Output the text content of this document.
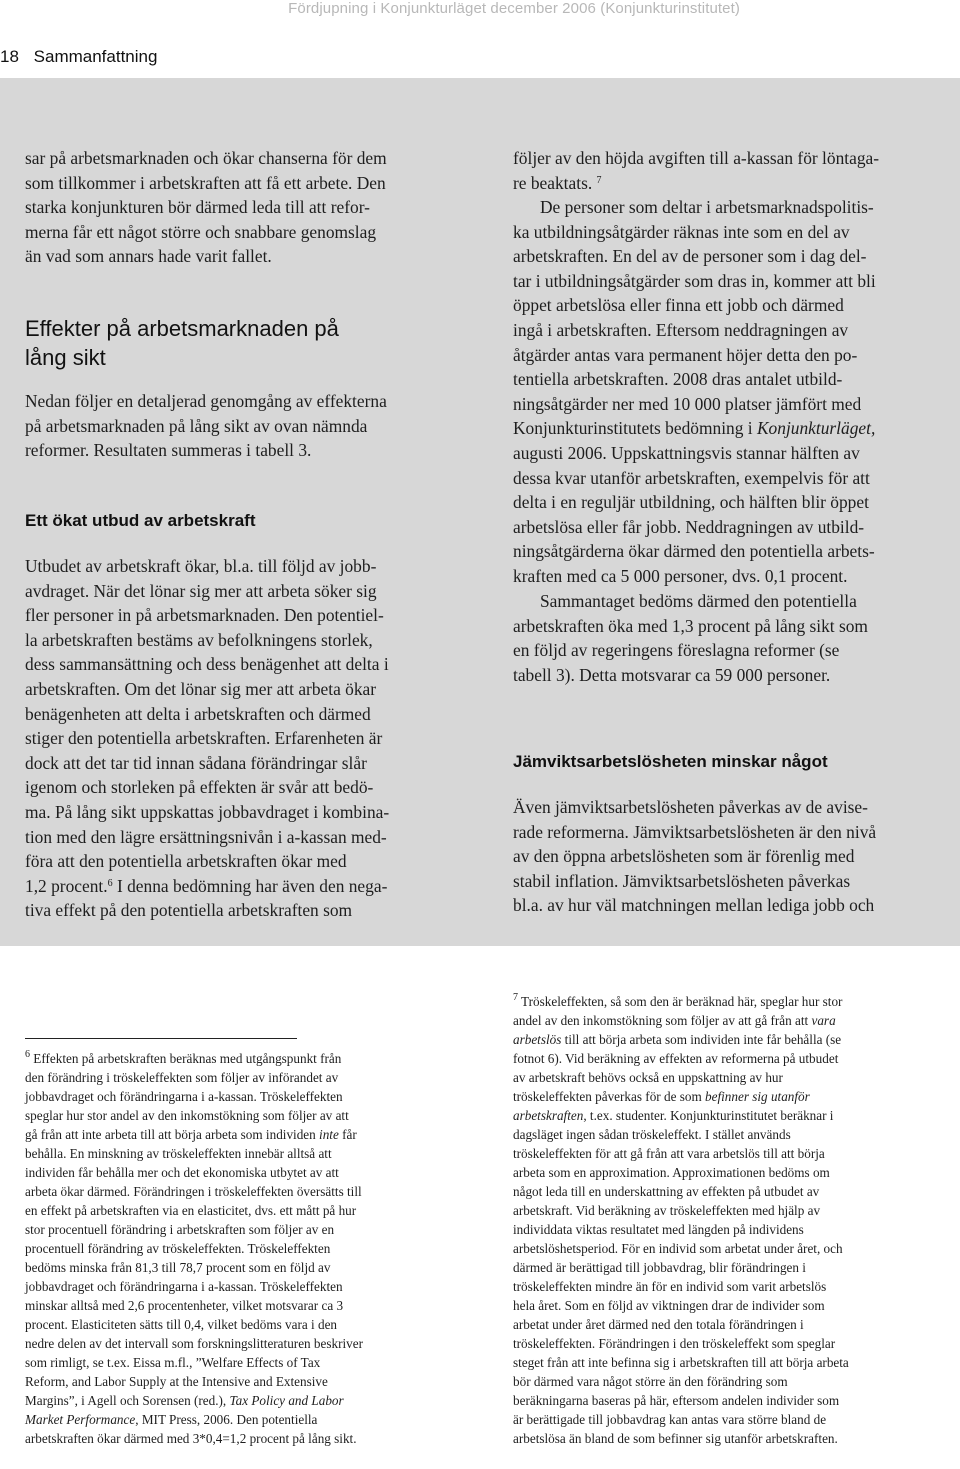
Fördjupning i Konjunkturläget december 2006 (Konjunkturinstitutet)
18 Sammanfattning

sar på arbetsmarknaden och ökar chanserna för dem
som tillkommer i arbetskraften att få ett arbete. Den
starka konjunkturen bör därmed leda till att refor-
merna får ett något större och snabbare genomslag
än vad som annars hade varit fallet.

Effekter på arbetsmarknaden på
lång sikt

Nedan följer en detaljerad genomgång av effekterna
på arbetsmarknaden på lång sikt av ovan nämnda
reformer. Resultaten summeras i tabell 3.

Ett ökat utbud av arbetskraft

Utbudet av arbetskraft ökar, bl.a. till följd av jobb-
avdraget. När det lönar sig mer att arbeta söker sig
fler personer in på arbetsmarknaden. Den potentiel-
la arbetskraften bestäms av befolkningens storlek,
dess sammansättning och dess benägenhet att delta i
arbetskraften. Om det lönar sig mer att arbeta ökar
benägenheten att delta i arbetskraften och därmed
stiger den potentiella arbetskraften. Erfarenheten är
dock att det tar tid innan sådana förändringar slår
igenom och storleken på effekten är svår att bedö-
ma. På lång sikt uppskattas jobbavdraget i kombina-
tion med den lägre ersättningsnivån i a-kassan med-
föra att den potentiella arbetskraften ökar med
1,2 procent.$^6$ I denna bedömning har även den nega-
tiva effekt på den potentiella arbetskraften som

följer av den höjda avgiften till a-kassan för löntaga-
re beaktats. $^7$

De personer som deltar i arbetsmarknadspolitis-
ka utbildningsåtgärder räknas inte som en del av
arbetskraften. En del av de personer som i dag del-
tar i utbildningsåtgärder som dras in, kommer att bli
öppet arbetslösa eller finna ett jobb och därmed
ingå i arbetskraften. Eftersom neddragningen av
åtgärder antas vara permanent höjer detta den po-
tentiella arbetskraften. 2008 dras antalet utbild-
ningsåtgärder ner med 10 000 platser jämfört med
Konjunkturinstitutets bedömning i Konjunkturläget,
augusti 2006. Uppskattningsvis stannar hälften av
dessa kvar utanför arbetskraften, exempelvis för att
delta i en reguljär utbildning, och hälften blir öppet
arbetslösa eller får jobb. Neddragningen av utbild-
ningsåtgärderna ökar därmed den potentiella arbets-
kraften med ca 5 000 personer, dvs. 0,1 procent.

Sammantaget bedöms därmed den potentiella
arbetskraften öka med 1,3 procent på lång sikt som
en följd av regeringens föreslagna reformer (se
tabell 3). Detta motsvarar ca 59 000 personer.

Jämviktsarbetslösheten minskar något

Även jämviktsarbetslösheten påverkas av de avise-
rade reformerna. Jämviktsarbetslösheten är den nivå
av den öppna arbetslösheten som är förenlig med
stabil inflation. Jämviktsarbetslösheten påverkas
bl.a. av hur väl matchningen mellan lediga jobb och

$^6$ Effekten på arbetskraften beräknas med utgångspunkt från
den förändring i tröskeleffekten som följer av införandet av
jobbavdraget och förändringarna i a-kassan. Tröskeleffekten
speglar hur stor andel av den inkomstökning som följer av att
gå från att inte arbeta till att börja arbeta som individen inte får
behålla. En minskning av tröskeleffekten innebär alltså att
individen får behålla mer och det ekonomiska utbytet av att
arbeta ökar därmed. Förändringen i tröskeleffekten översätts till
en effekt på arbetskraften via en elasticitet, dvs. ett mått på hur
stor procentuell förändring i arbetskraften som följer av en
procentuell förändring av tröskeleffekten. Tröskeleffekten
bedöms minska från 81,3 till 78,7 procent som en följd av
jobbavdraget och förändringarna i a-kassan. Tröskeleffekten
minskar alltså med 2,6 procentenheter, vilket motsvarar ca 3
procent. Elasticiteten sätts till 0,4, vilket bedöms vara i den
nedre delen av det intervall som forskningslitteraturen beskriver
som rimligt, se t.ex. Eissa m.fl., ”Welfare Effects of Tax
Reform, and Labor Supply at the Intensive and Extensive
Margins”, i Agell och Sorensen (red.), Tax Policy and Labor
Market Performance, MIT Press, 2006. Den potentiella
arbetskraften ökar därmed med 3*0,4=1,2 procent på lång sikt.
$^7$ Tröskeleffekten, så som den är beräknad här, speglar hur stor
andel av den inkomstökning som följer av att gå från att vara
arbetslös till att börja arbeta som individen inte får behålla (se
fotnot 6). Vid beräkning av effekten av reformerna på utbudet
av arbetskraft behövs också en uppskattning av hur
tröskeleffekten påverkas för de som befinner sig utanför
arbetskraften, t.ex. studenter. Konjunkturinstitutet beräknar i
dagsläget ingen sådan tröskeleffekt. I stället används
tröskeleffekten för att gå från att vara arbetslös till att börja
arbeta som en approximation. Approximationen bedöms om
något leda till en underskattning av effekten på utbudet av
arbetskraft. Vid beräkning av tröskeleffekten med hjälp av
individdata viktas resultatet med längden på individens
arbetslöshetsperiod. För en individ som arbetat under året, och
därmed är berättigad till jobbavdrag, blir förändringen i
tröskeleffekten mindre än för en individ som varit arbetslös
hela året. Som en följd av viktningen drar de individer som
arbetat under året därmed ned den totala förändringen i
tröskeleffekten. Förändringen i den tröskeleffekt som speglar
steget från att inte befinna sig i arbetskraften till att börja arbeta
bör därmed vara något större än den förändring som
beräkningarna baseras på här, eftersom andelen individer som
är berättigade till jobbavdrag kan antas vara större bland de
arbetslösa än bland de som befinner sig utanför arbetskraften.
